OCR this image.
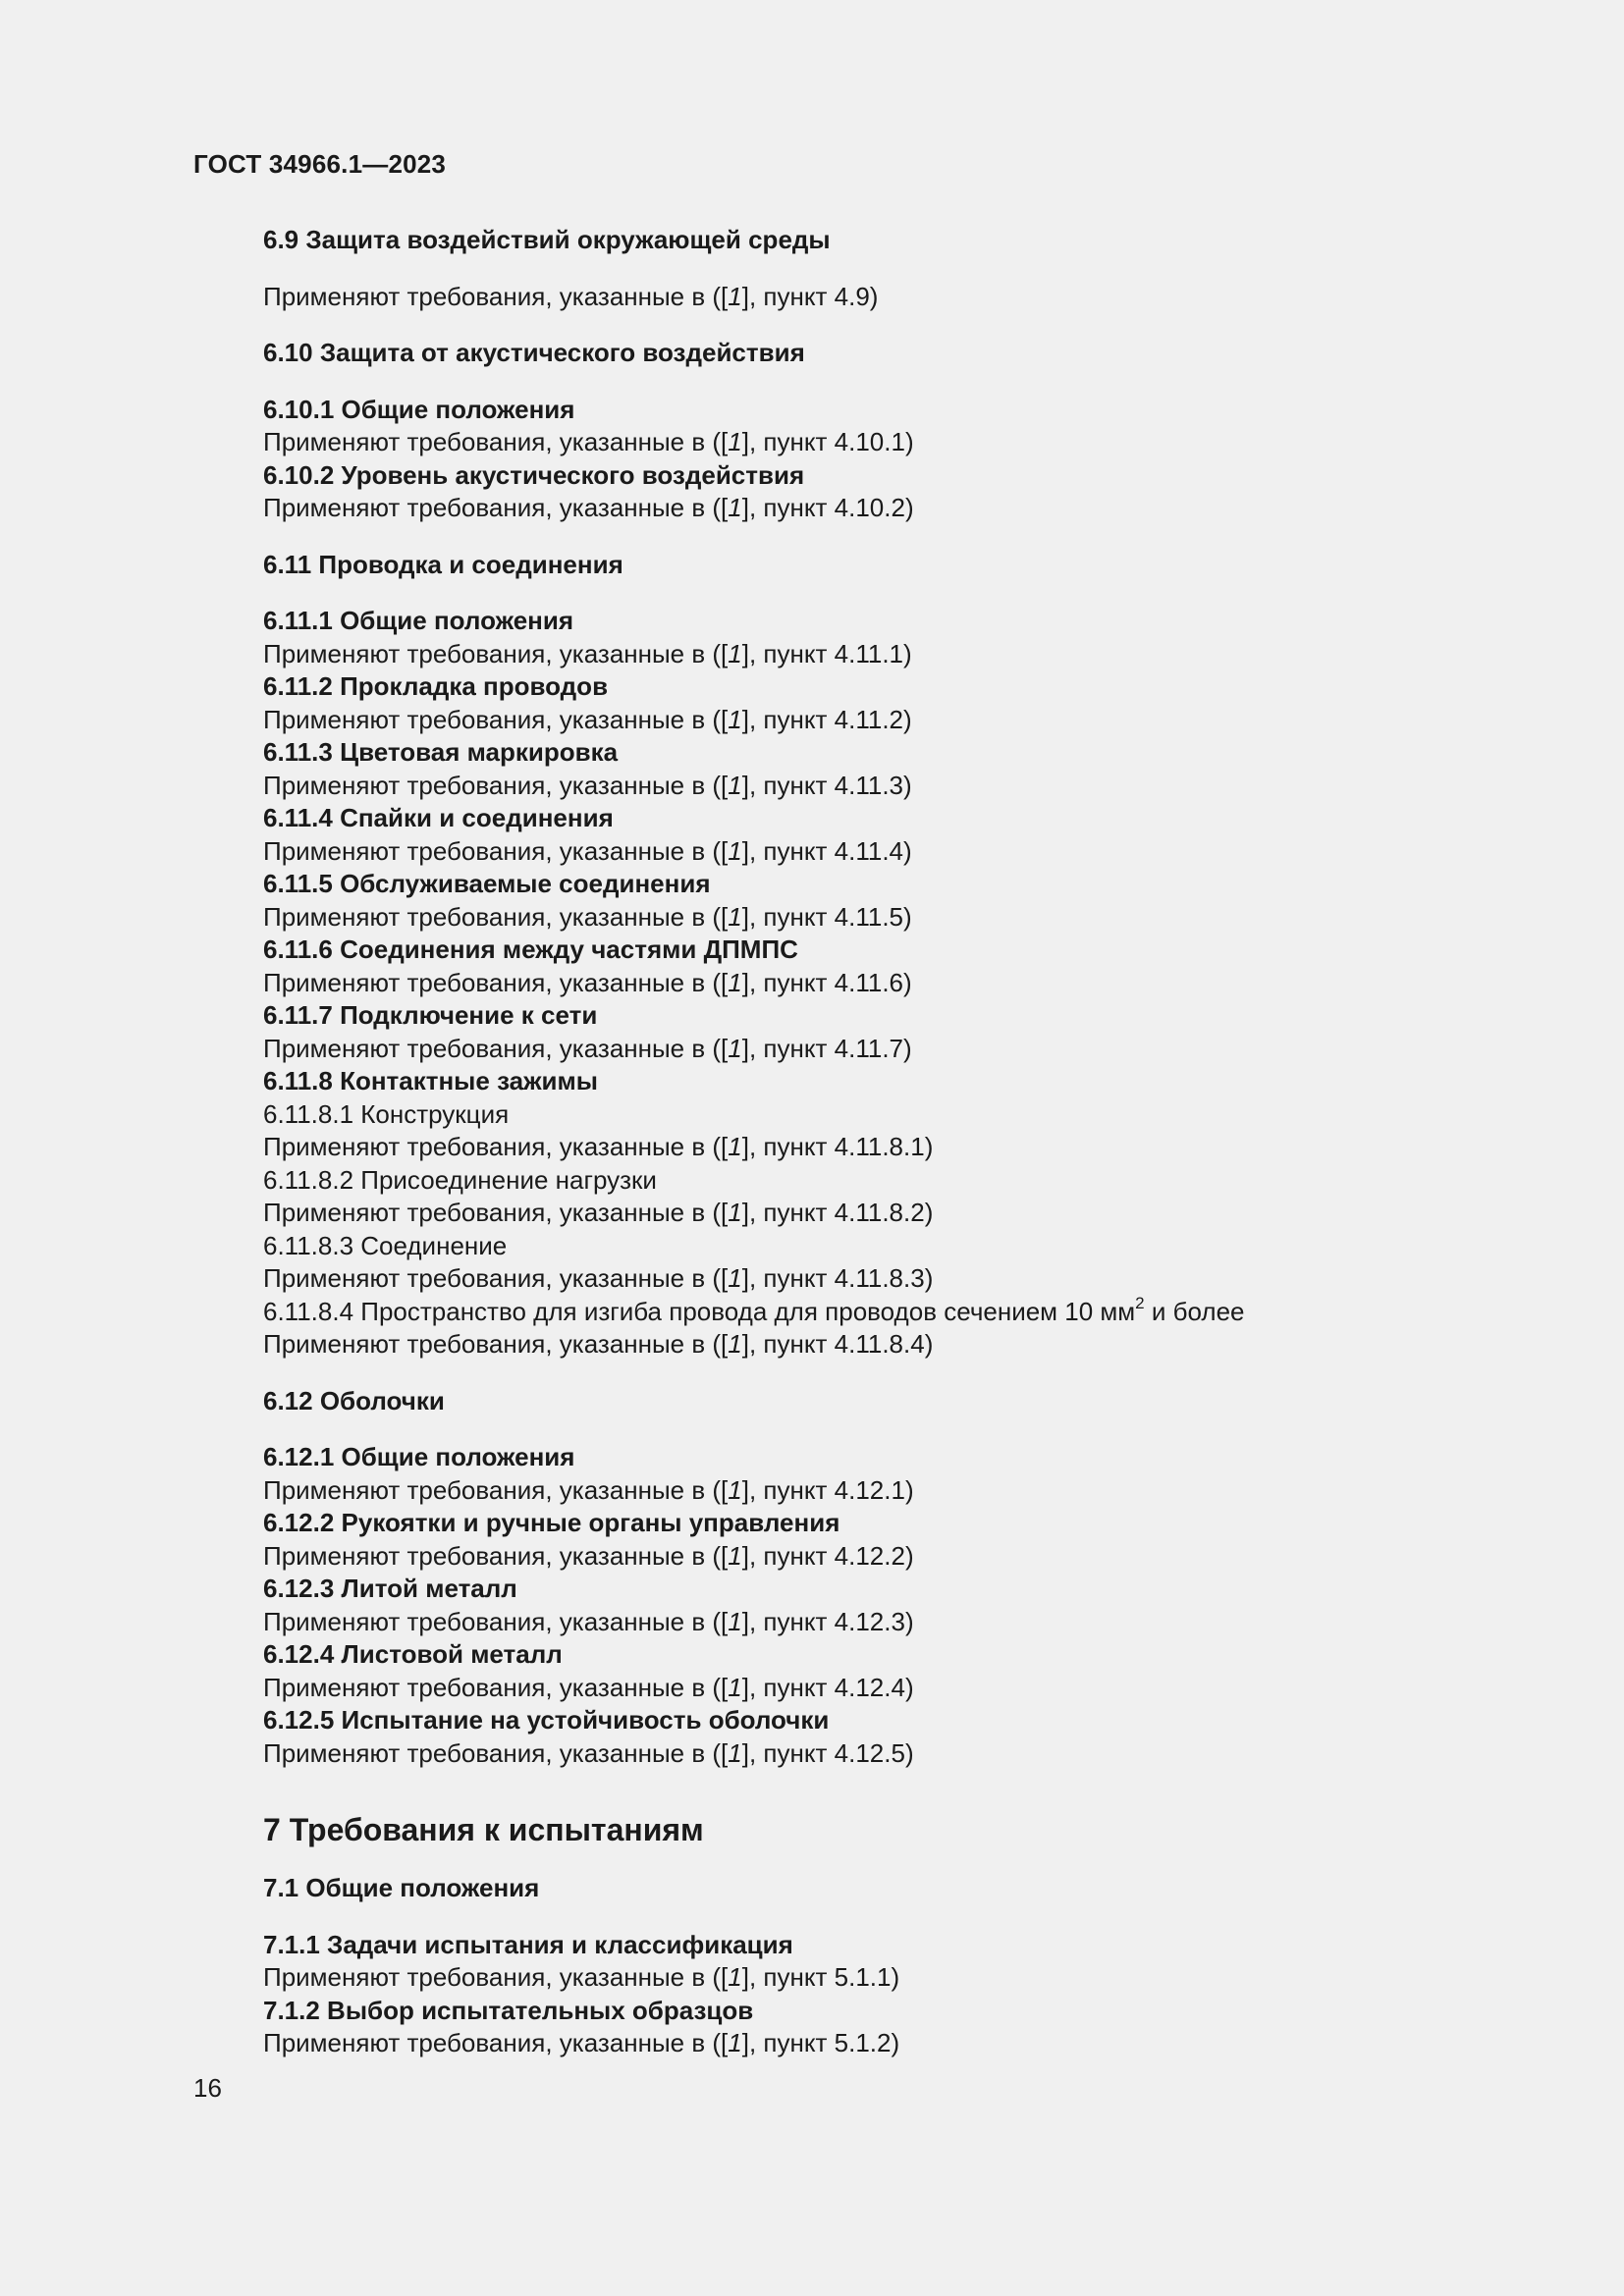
ГОСТ 34966.1—2023
6.9 Защита воздействий окружающей среды
Применяют требования, указанные в ([1], пункт 4.9)
6.10 Защита от акустического воздействия
6.10.1 Общие положения
Применяют требования, указанные в ([1], пункт 4.10.1)
6.10.2 Уровень акустического воздействия
Применяют требования, указанные в ([1], пункт 4.10.2)
6.11 Проводка и соединения
6.11.1 Общие положения
Применяют требования, указанные в ([1], пункт 4.11.1)
6.11.2 Прокладка проводов
Применяют требования, указанные в ([1], пункт 4.11.2)
6.11.3 Цветовая маркировка
Применяют требования, указанные в ([1], пункт 4.11.3)
6.11.4 Спайки и соединения
Применяют требования, указанные в ([1], пункт 4.11.4)
6.11.5 Обслуживаемые соединения
Применяют требования, указанные в ([1], пункт 4.11.5)
6.11.6 Соединения между частями ДПМПС
Применяют требования, указанные в ([1], пункт 4.11.6)
6.11.7 Подключение к сети
Применяют требования, указанные в ([1], пункт 4.11.7)
6.11.8 Контактные зажимы
6.11.8.1 Конструкция
Применяют требования, указанные в ([1], пункт 4.11.8.1)
6.11.8.2 Присоединение нагрузки
Применяют требования, указанные в ([1], пункт 4.11.8.2)
6.11.8.3 Соединение
Применяют требования, указанные в ([1], пункт 4.11.8.3)
6.11.8.4 Пространство для изгиба провода для проводов сечением 10 $мм^2$ и более
Применяют требования, указанные в ([1], пункт 4.11.8.4)
6.12 Оболочки
6.12.1 Общие положения
Применяют требования, указанные в ([1], пункт 4.12.1)
6.12.2 Рукоятки и ручные органы управления
Применяют требования, указанные в ([1], пункт 4.12.2)
6.12.3 Литой металл
Применяют требования, указанные в ([1], пункт 4.12.3)
6.12.4 Листовой металл
Применяют требования, указанные в ([1], пункт 4.12.4)
6.12.5 Испытание на устойчивость оболочки
Применяют требования, указанные в ([1], пункт 4.12.5)
7 Требования к испытаниям
7.1 Общие положения
7.1.1 Задачи испытания и классификация
Применяют требования, указанные в ([1], пункт 5.1.1)
7.1.2 Выбор испытательных образцов
Применяют требования, указанные в ([1], пункт 5.1.2)
16
